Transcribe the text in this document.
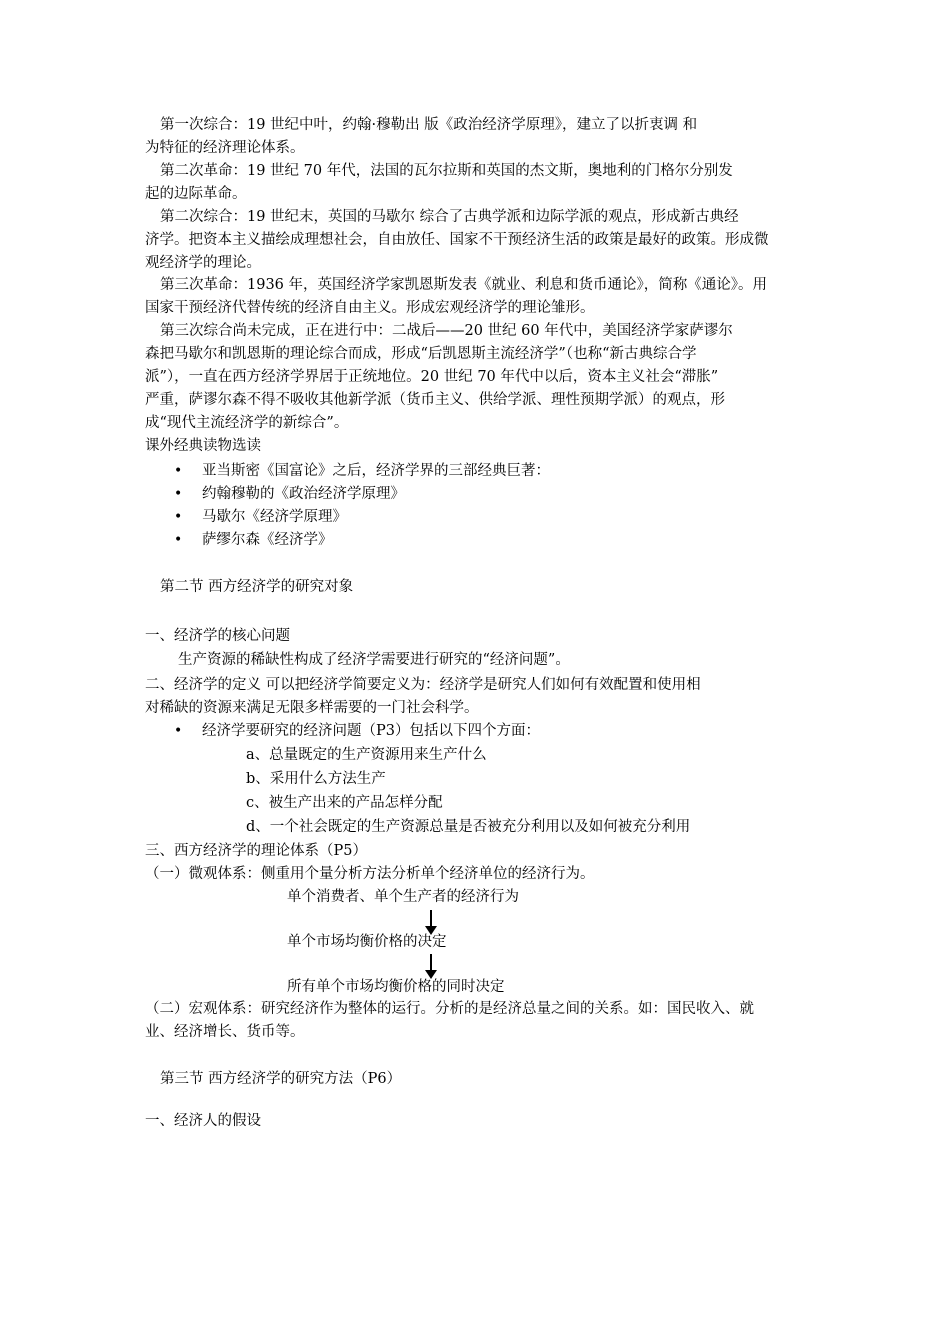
第一次综合：19 世纪中叶，约翰·穆勒出 版《政治经济学原理》，建立了以折衷调 和
为特征的经济理论体系。
第二次革命：19 世纪 70 年代，法国的瓦尔拉斯和英国的杰文斯，奥地利的门格尔分别发
起的边际革命。
第二次综合：19 世纪末，英国的马歇尔 综合了古典学派和边际学派的观点，形成新古典经
济学。把资本主义描绘成理想社会，自由放任、国家不干预经济生活的政策是最好的政策。形成微
观经济学的理论。
第三次革命：1936 年，英国经济学家凯恩斯发表《就业、利息和货币通论》，简称《通论》。用
国家干预经济代替传统的经济自由主义。形成宏观经济学的理论雏形。
第三次综合尚未完成，正在进行中：二战后——20 世纪 60 年代中，美国经济学家萨谬尔
森把马歇尔和凯恩斯的理论综合而成，形成“后凯恩斯主流经济学”（也称“新古典综合学
派”），一直在西方经济学界居于正统地位。20 世纪 70 年代中以后，资本主义社会“滞胀”
严重，萨谬尔森不得不吸收其他新学派（货币主义、供给学派、理性预期学派）的观点，形
成“现代主流经济学的新综合”。
课外经典读物选读
• 亚当斯密《国富论》之后，经济学界的三部经典巨著：
• 约翰穆勒的《政治经济学原理》
• 马歇尔《经济学原理》
• 萨缪尔森《经济学》
第二节 西方经济学的研究对象
一、经济学的核心问题
生产资源的稀缺性构成了经济学需要进行研究的“经济问题”。
二、经济学的定义 可以把经济学简要定义为：经济学是研究人们如何有效配置和使用相
对稀缺的资源来满足无限多样需要的一门社会科学。
• 经济学要研究的经济问题（P3）包括以下四个方面：
a、总量既定的生产资源用来生产什么
b、采用什么方法生产
c、被生产出来的产品怎样分配
d、一个社会既定的生产资源总量是否被充分利用以及如何被充分利用
三、西方经济学的理论体系（P5）
（一）微观体系：侧重用个量分析方法分析单个经济单位的经济行为。
单个消费者、单个生产者的经济行为
单个市场均衡价格的决定
所有单个市场均衡价格的同时决定
（二）宏观体系：研究经济作为整体的运行。分析的是经济总量之间的关系。如：国民收入、就
业、经济增长、货币等。
第三节 西方经济学的研究方法（P6）
一、经济人的假设
